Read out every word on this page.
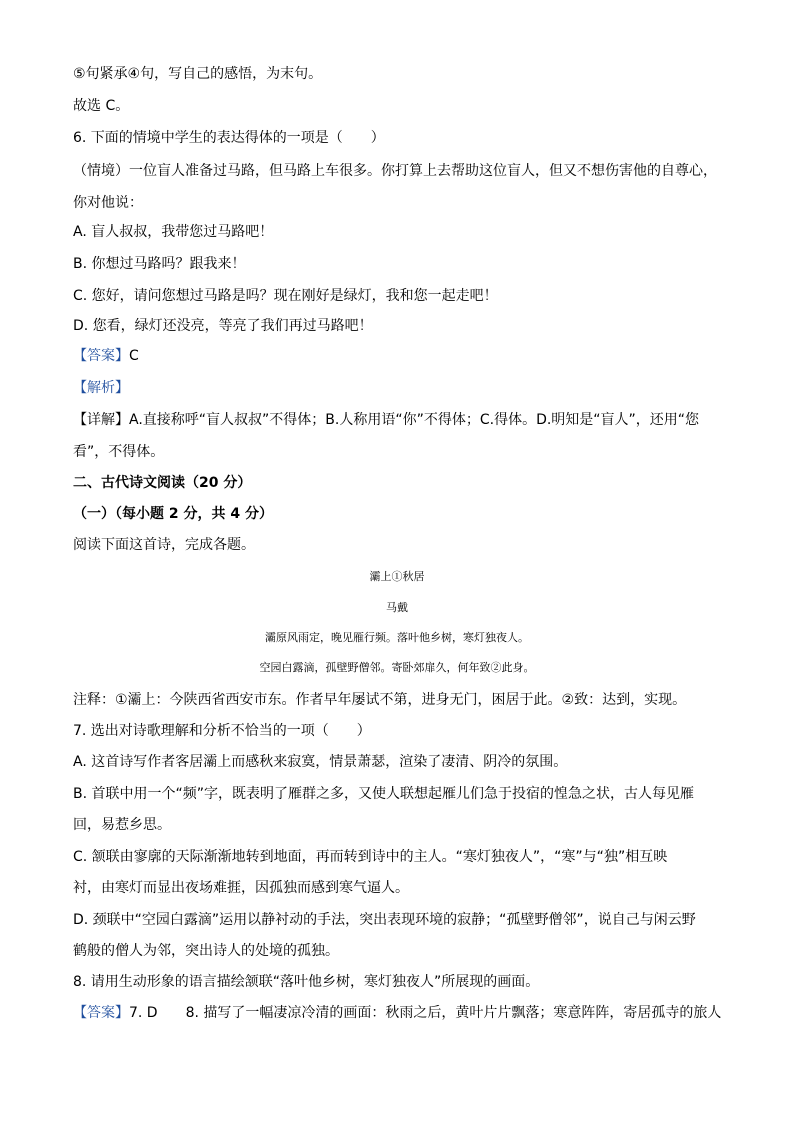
⑤句紧承④句，写自己的感悟，为末句。
故选 C。
6. 下面的情境中学生的表达得体的一项是（　　）
（情境）一位盲人准备过马路，但马路上车很多。你打算上去帮助这位盲人，但又不想伤害他的自尊心，
你对他说：
A. 盲人叔叔，我带您过马路吧！
B. 你想过马路吗？跟我来！
C. 您好，请问您想过马路是吗？现在刚好是绿灯，我和您一起走吧！
D. 您看，绿灯还没亮，等亮了我们再过马路吧！
【答案】C
【解析】
【详解】A.直接称呼“盲人叔叔”不得体；B.人称用语“你”不得体；C.得体。D.明知是“盲人”，还用“您
看”，不得体。
二、古代诗文阅读（20 分）
（一）（每小题 2 分，共 4 分）
阅读下面这首诗，完成各题。
灞上①秋居
马戴
灞原风雨定，晚见雁行频。落叶他乡树，寒灯独夜人。
空园白露滴，孤壁野僧邻。寄卧郊扉久，何年致②此身。
注释：①灞上：今陕西省西安市东。作者早年屡试不第，进身无门，困居于此。②致：达到，实现。
7. 选出对诗歌理解和分析不恰当的一项（　　）
A. 这首诗写作者客居灞上而感秋来寂寞，情景萧瑟，渲染了凄清、阴冷的氛围。
B. 首联中用一个“频”字，既表明了雁群之多，又使人联想起雁儿们急于投宿的惶急之状，古人每见雁
回，易惹乡思。
C. 颔联由寥廓的天际渐渐地转到地面，再而转到诗中的主人。“寒灯独夜人”，“寒”与“独”相互映
衬，由寒灯而显出夜场难捱，因孤独而感到寒气逼人。
D. 颈联中“空园白露滴”运用以静衬动的手法，突出表现环境的寂静；“孤壁野僧邻”，说自己与闲云野
鹤般的僧人为邻，突出诗人的处境的孤独。
8. 请用生动形象的语言描绘颔联“落叶他乡树，寒灯独夜人”所展现的画面。
【答案】7. D　　8. 描写了一幅凄凉冷清的画面：秋雨之后，黄叶片片飘落；寒意阵阵，寄居孤寺的旅人
